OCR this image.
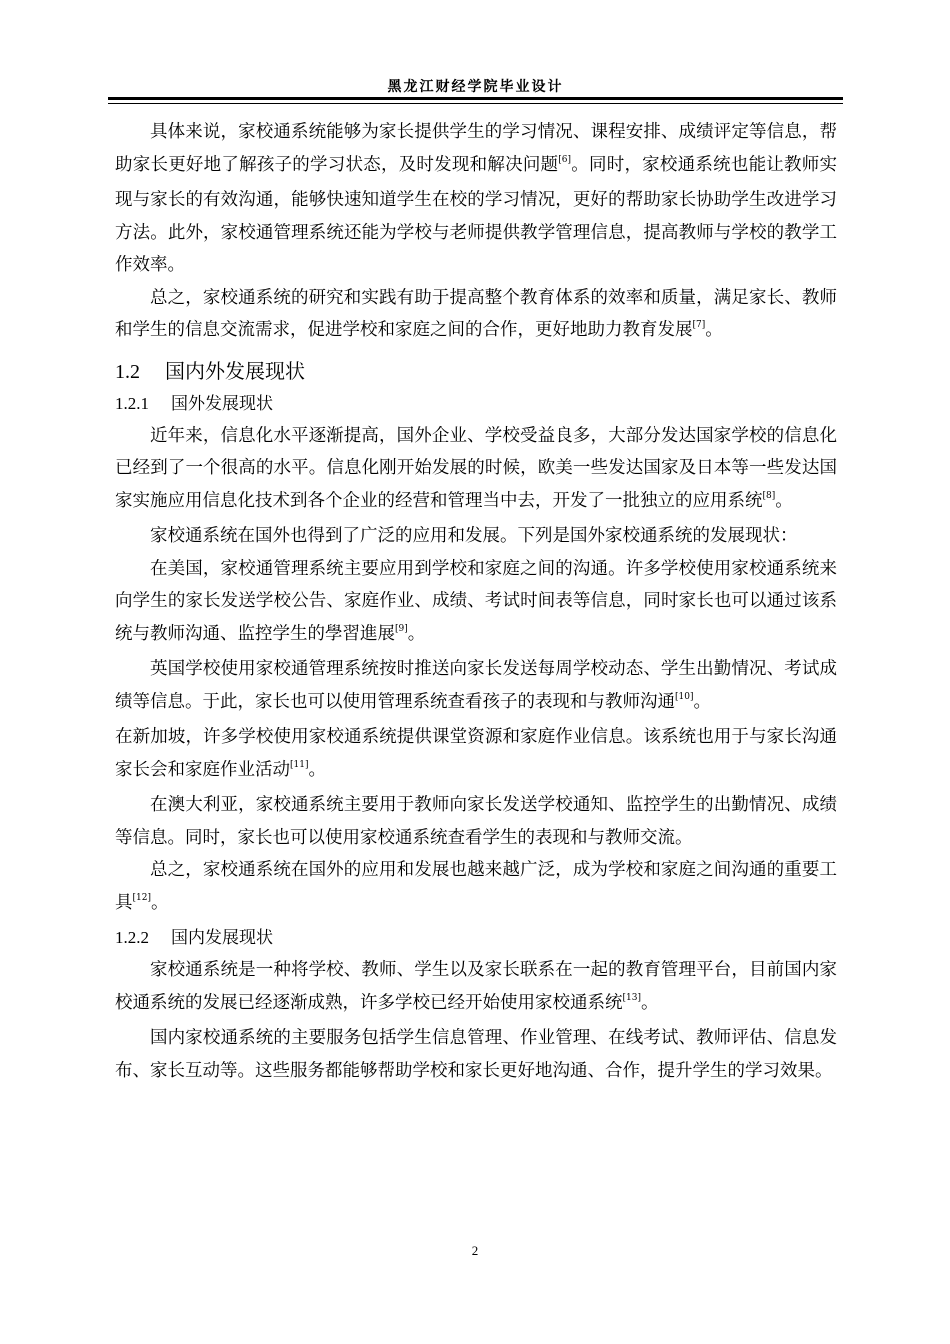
黑龙江财经学院毕业设计

具体来说，家校通系统能够为家长提供学生的学习情况、课程安排、成绩评定等信息，帮助家长更好地了解孩子的学习状态，及时发现和解决问题[6]。同时，家校通系统也能让教师实现与家长的有效沟通，能够快速知道学生在校的学习情况，更好的帮助家长协助学生改进学习方法。此外，家校通管理系统还能为学校与老师提供教学管理信息，提高教师与学校的教学工作效率。

总之，家校通系统的研究和实践有助于提高整个教育体系的效率和质量，满足家长、教师和学生的信息交流需求，促进学校和家庭之间的合作，更好地助力教育发展[7]。

1.2 国内外发展现状
1.2.1 国外发展现状

近年来，信息化水平逐渐提高，国外企业、学校受益良多，大部分发达国家学校的信息化已经到了一个很高的水平。信息化刚开始发展的时候，欧美一些发达国家及日本等一些发达国家实施应用信息化技术到各个企业的经营和管理当中去，开发了一批独立的应用系统[8]。

家校通系统在国外也得到了广泛的应用和发展。下列是国外家校通系统的发展现状：

在美国，家校通管理系统主要应用到学校和家庭之间的沟通。许多学校使用家校通系统来向学生的家长发送学校公告、家庭作业、成绩、考试时间表等信息，同时家长也可以通过该系统与教师沟通、监控学生的學習進展[9]。

英国学校使用家校通管理系统按时推送向家长发送每周学校动态、学生出勤情况、考试成绩等信息。于此，家长也可以使用管理系统查看孩子的表现和与教师沟通[10]。

在新加坡，许多学校使用家校通系统提供课堂资源和家庭作业信息。该系统也用于与家长沟通家长会和家庭作业活动[11]。

在澳大利亚，家校通系统主要用于教师向家长发送学校通知、监控学生的出勤情况、成绩等信息。同时，家长也可以使用家校通系统查看学生的表现和与教师交流。

总之，家校通系统在国外的应用和发展也越来越广泛，成为学校和家庭之间沟通的重要工具[12]。

1.2.2 国内发展现状

家校通系统是一种将学校、教师、学生以及家长联系在一起的教育管理平台，目前国内家校通系统的发展已经逐渐成熟，许多学校已经开始使用家校通系统[13]。

国内家校通系统的主要服务包括学生信息管理、作业管理、在线考试、教师评估、信息发布、家长互动等。这些服务都能够帮助学校和家长更好地沟通、合作，提升学生的学习效果。

2
